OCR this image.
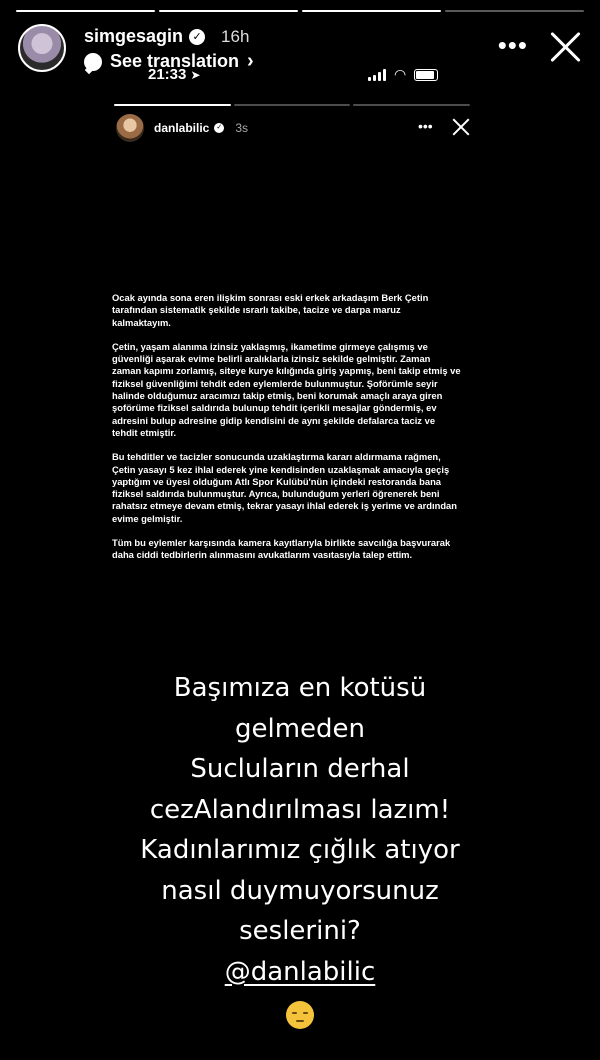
simgesagin ✓ 16h
See translation ›
•••
21:33 ➤	◠
danlabilic ✓ 3s	•••

Ocak ayında sona eren ilişkim sonrası eski erkek arkadaşım Berk Çetin tarafından sistematik şekilde ısrarlı takibe, tacize ve darpa maruz kalmaktayım.

Çetin, yaşam alanıma izinsiz yaklaşmış, ikametime girmeye çalışmış ve güvenliği aşarak evime belirli aralıklarla izinsiz sekilde gelmiştir. Zaman zaman kapımı zorlamış, siteye kurye kılığında giriş yapmış, beni takip etmiş ve fiziksel güvenliğimi tehdit eden eylemlerde bulunmuştur. Şoförümle seyir halinde olduğumuz aracımızı takip etmiş, beni korumak amaçlı araya giren şoförüme fiziksel saldırıda bulunup tehdit içerikli mesajlar göndermiş, ev adresini bulup adresine gidip kendisini de aynı şekilde defalarca taciz ve tehdit etmiştir.

Bu tehditler ve tacizler sonucunda uzaklaştırma kararı aldırmama rağmen, Çetin yasayı 5 kez ihlal ederek yine kendisinden uzaklaşmak amacıyla geçiş yaptığım ve üyesi olduğum Atlı Spor Kulübü'nün içindeki restoranda bana fiziksel saldırıda bulunmuştur. Ayrıca, bulunduğum yerleri öğrenerek beni rahatsız etmeye devam etmiş, tekrar yasayı ihlal ederek iş yerime ve ardından evime gelmiştir.

Tüm bu eylemler karşısında kamera kayıtlarıyla birlikte savcılığa başvurarak daha ciddi tedbirlerin alınmasını avukatlarım vasıtasıyla talep ettim.

Başımıza en kotüsü
gelmeden
Sucluların derhal
cezAlandırılması lazım!
Kadınlarımız çığlık atıyor
nasıl duymuyorsunuz
seslerini?
@danlabilic
